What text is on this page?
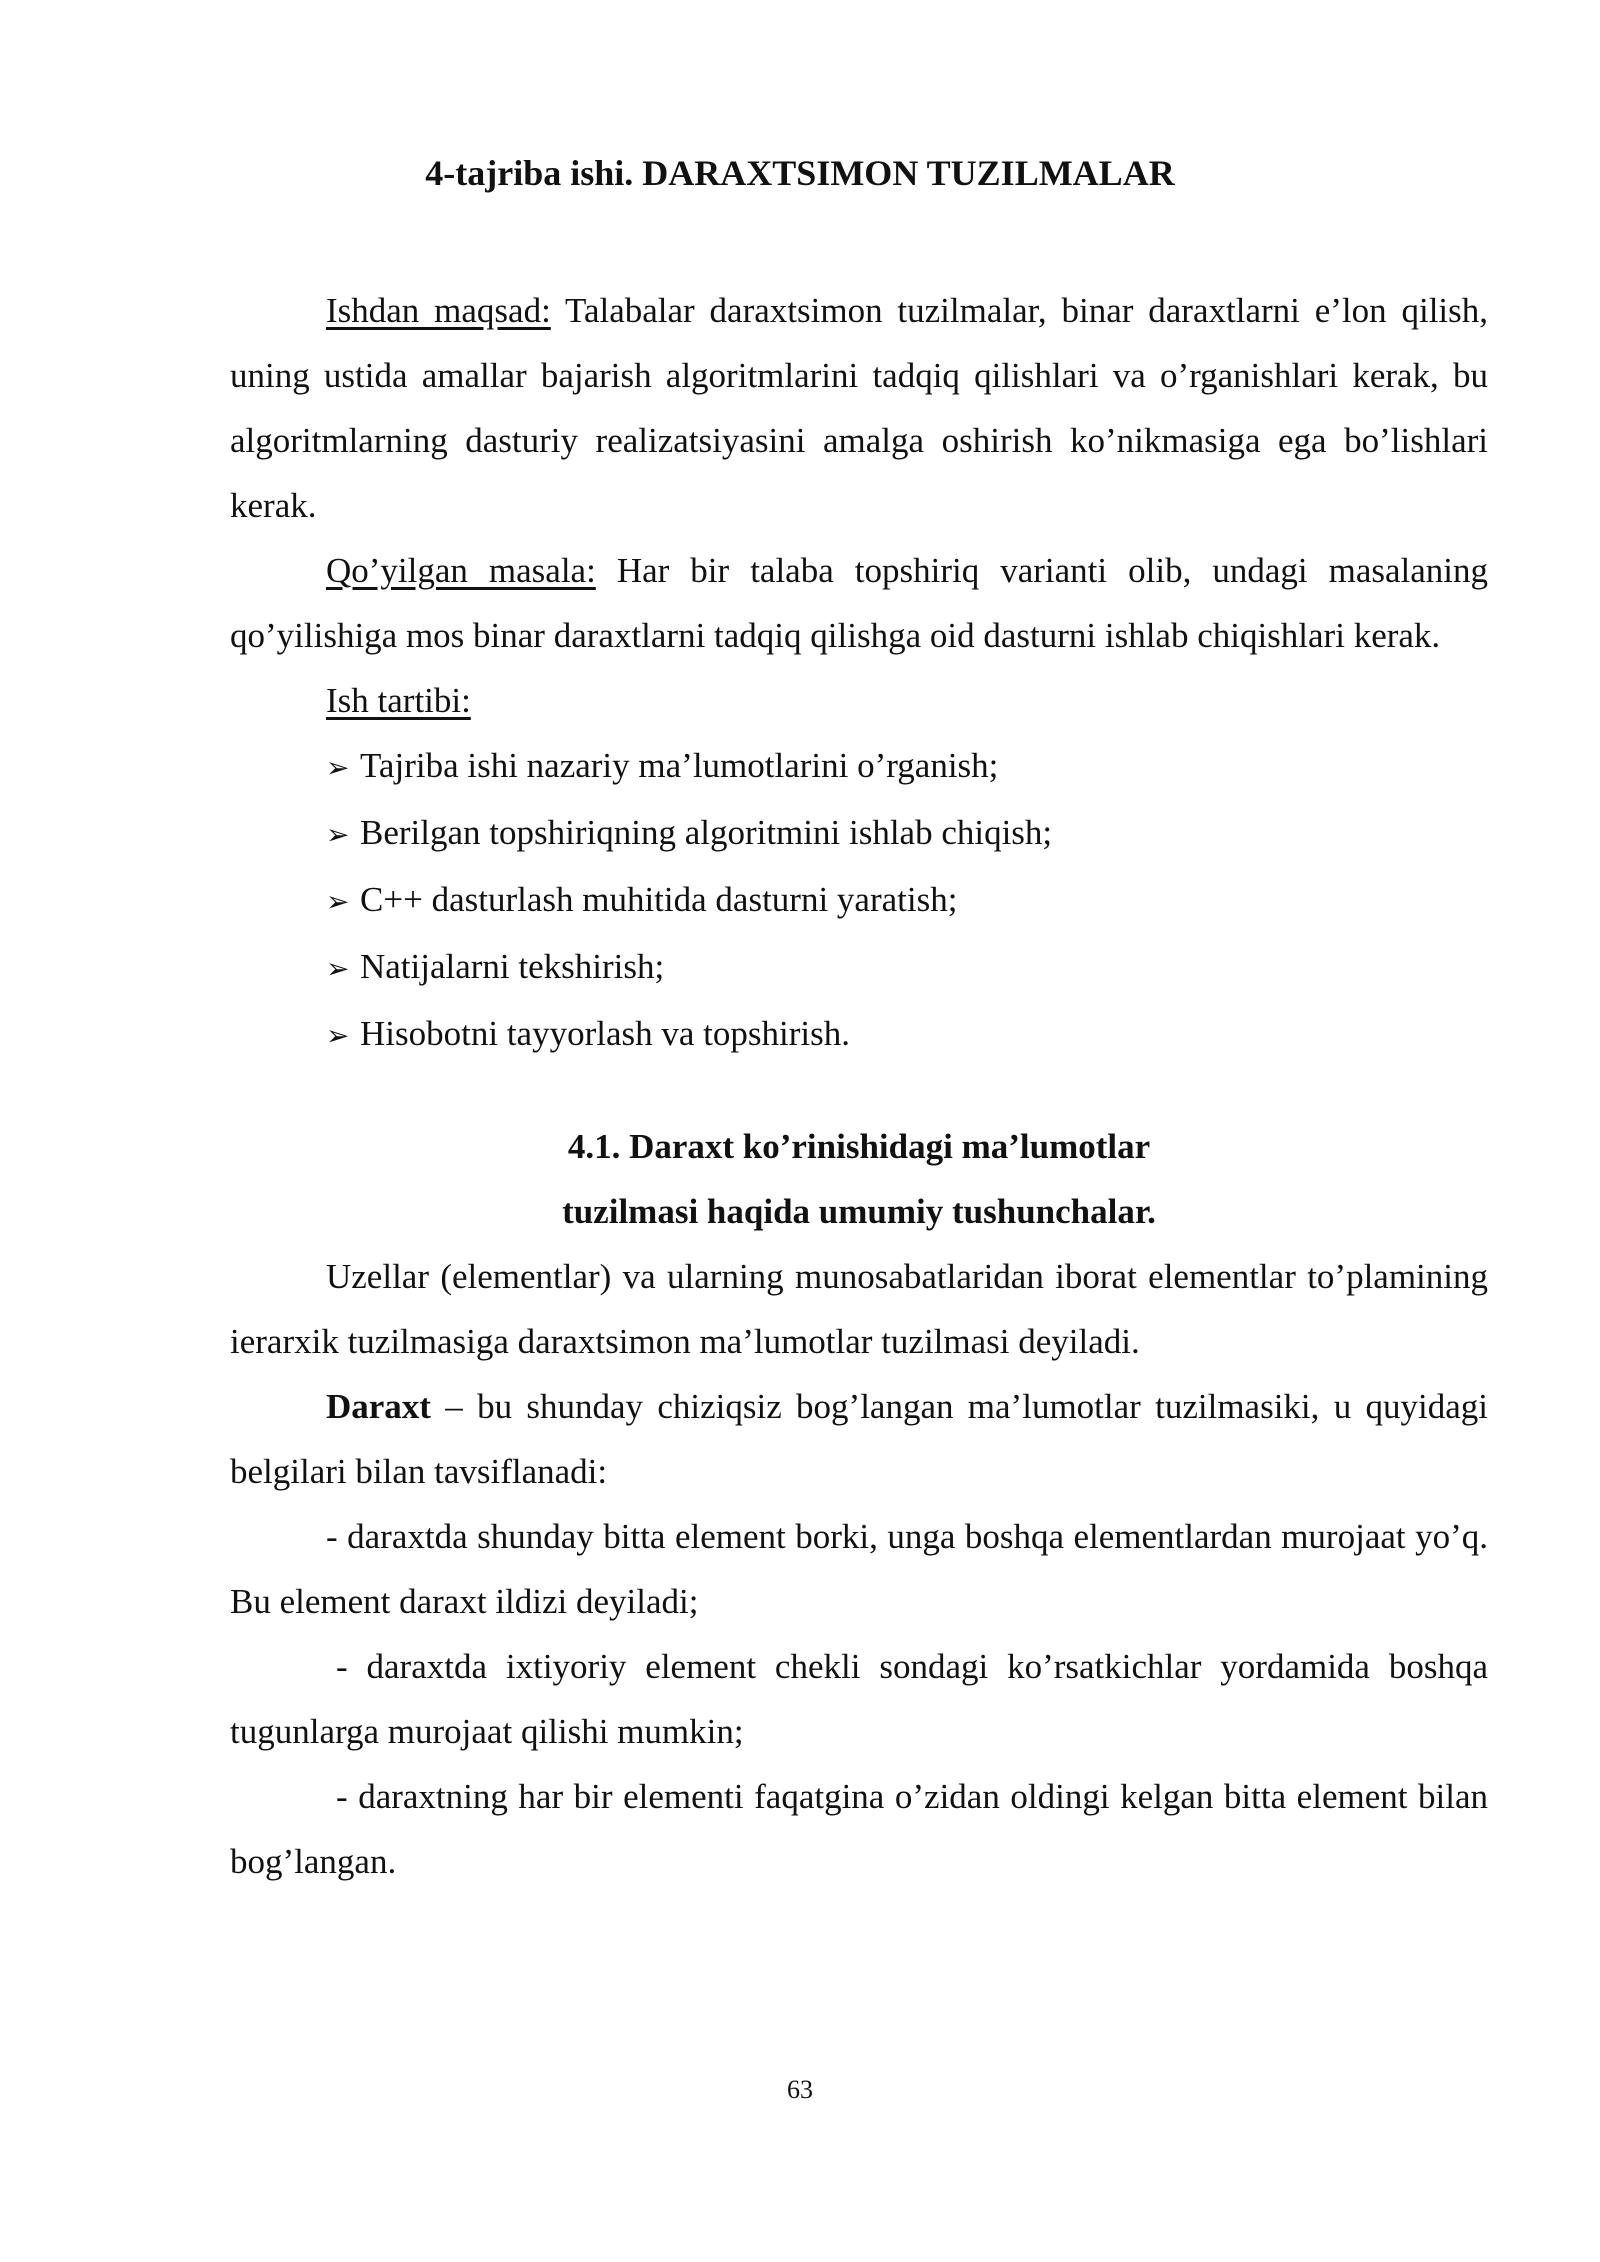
4-tajriba ishi. DARAXTSIMON TUZILMALAR

Ishdan maqsad: Talabalar daraxtsimon tuzilmalar, binar daraxtlarni e’lon qilish, uning ustida amallar bajarish algoritmlarini tadqiq qilishlari va o’rganishlari kerak, bu algoritmlarning dasturiy realizatsiyasini amalga oshirish ko’nikmasiga ega bo’lishlari kerak.

Qo’yilgan masala: Har bir talaba topshiriq varianti olib, undagi masalaning qo’yilishiga mos binar daraxtlarni tadqiq qilishga oid dasturni ishlab chiqishlari kerak.

Ish tartibi:

➢ Tajriba ishi nazariy ma’lumotlarini o’rganish;

➢ Berilgan topshiriqning algoritmini ishlab chiqish;

➢ C++ dasturlash muhitida dasturni yaratish;

➢ Natijalarni tekshirish;

➢ Hisobotni tayyorlash va topshirish.

4.1. Daraxt ko’rinishidagi ma’lumotlar

tuzilmasi haqida umumiy tushunchalar.

Uzellar (elementlar) va ularning munosabatlaridan iborat elementlar to’plamining ierarxik tuzilmasiga daraxtsimon ma’lumotlar tuzilmasi deyiladi.

Daraxt – bu shunday chiziqsiz bog’langan ma’lumotlar tuzilmasiki, u quyidagi belgilari bilan tavsiflanadi:

- daraxtda shunday bitta element borki, unga boshqa elementlardan murojaat yo’q. Bu element daraxt ildizi deyiladi;

- daraxtda ixtiyoriy element chekli sondagi ko’rsatkichlar yordamida boshqa tugunlarga murojaat qilishi mumkin;

- daraxtning har bir elementi faqatgina o’zidan oldingi kelgan bitta element bilan bog’langan.

63
